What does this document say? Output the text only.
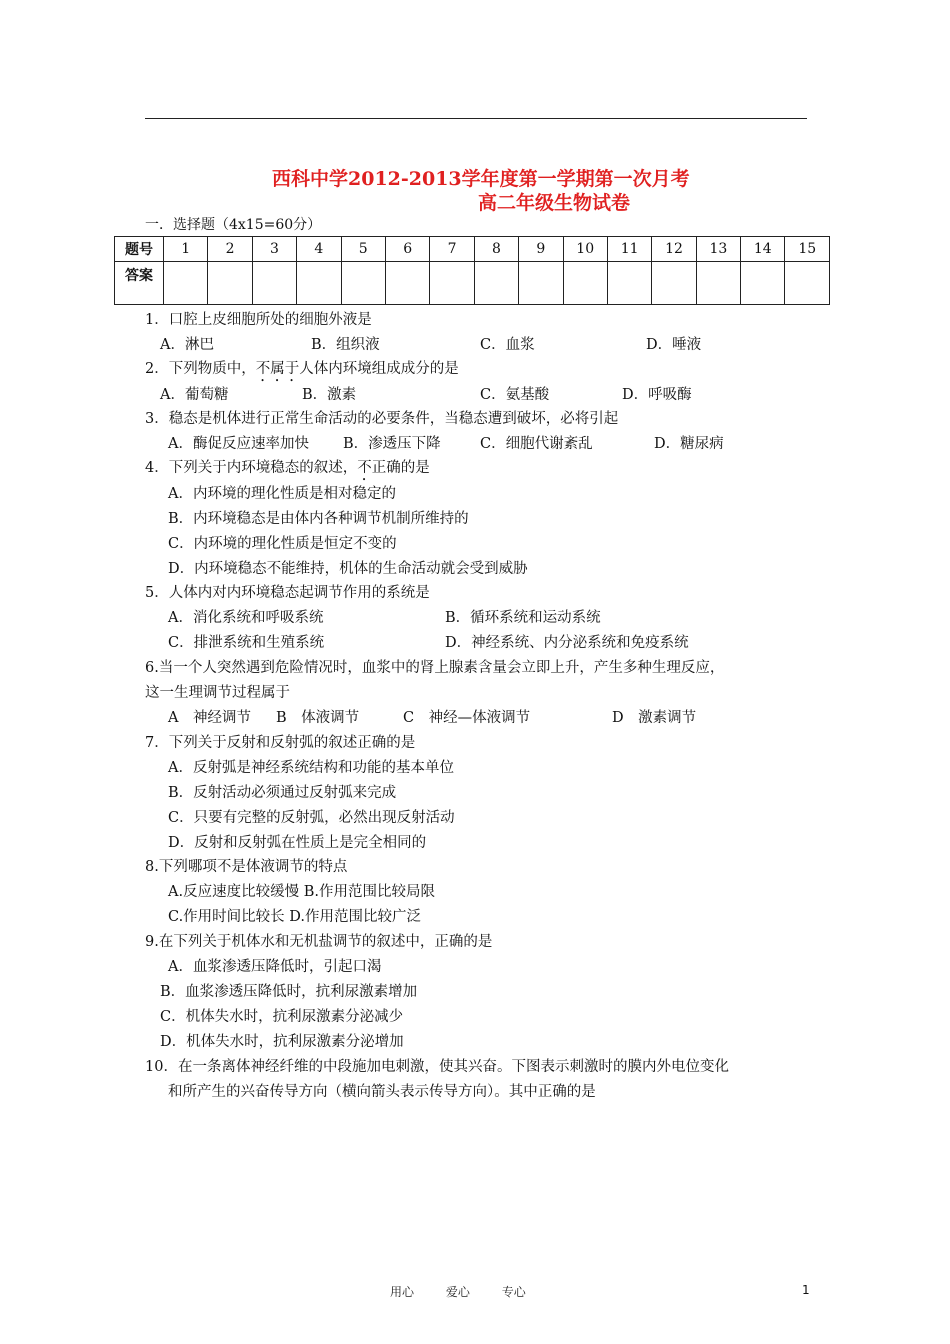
西科中学2012-2013学年度第一学期第一次月考
高二年级生物试卷
一．选择题（4x15=60分）
题号	1	2	3	4	5	6	7	8	9	10	11	12	13	14	15
答案															
1．口腔上皮细胞所处的细胞外液是
A．淋巴	B．组织液	C．血浆	D．唾液
2．下列物质中，不属于人体内环境组成成分的是
A．葡萄糖	B．激素	C．氨基酸	D．呼吸酶
3．稳态是机体进行正常生命活动的必要条件，当稳态遭到破坏，必将引起
A．酶促反应速率加快 B．渗透压下降	C．细胞代谢紊乱	D．糖尿病
4．下列关于内环境稳态的叙述，不正确的是
A．内环境的理化性质是相对稳定的
B．内环境稳态是由体内各种调节机制所维持的
C．内环境的理化性质是恒定不变的
D．内环境稳态不能维持，机体的生命活动就会受到威胁
5．人体内对内环境稳态起调节作用的系统是
A．消化系统和呼吸系统	B．循环系统和运动系统
C．排泄系统和生殖系统	D．神经系统、内分泌系统和免疫系统
6.当一个人突然遇到危险情况时，血浆中的肾上腺素含量会立即上升，产生多种生理反应，
这一生理调节过程属于
A　神经调节 B　体液调节	C　神经—体液调节	D　激素调节
7．下列关于反射和反射弧的叙述正确的是
A．反射弧是神经系统结构和功能的基本单位
B．反射活动必须通过反射弧来完成
C．只要有完整的反射弧，必然出现反射活动
D．反射和反射弧在性质上是完全相同的
8.下列哪项不是体液调节的特点
A.反应速度比较缓慢 B.作用范围比较局限
C.作用时间比较长 D.作用范围比较广泛
9.在下列关于机体水和无机盐调节的叙述中，正确的是
A．血浆渗透压降低时，引起口渴
B．血浆渗透压降低时，抗利尿激素增加
C．机体失水时，抗利尿激素分泌减少
D．机体失水时，抗利尿激素分泌增加
10．在一条离体神经纤维的中段施加电刺激，使其兴奋。下图表示刺激时的膜内外电位变化
和所产生的兴奋传导方向（横向箭头表示传导方向）。其中正确的是
用心	爱心	专心	1
